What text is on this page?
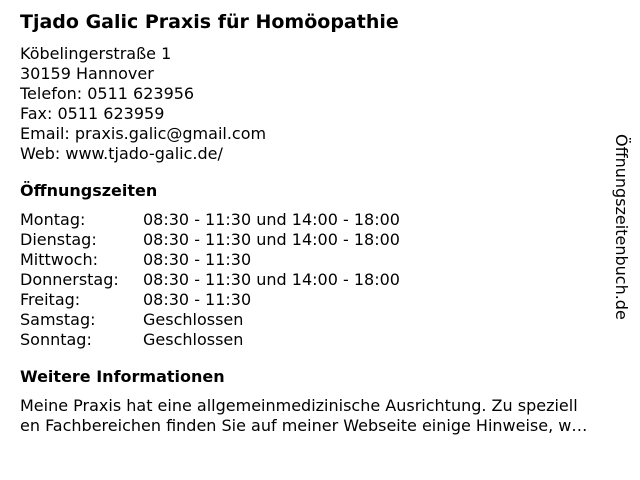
Tjado Galic Praxis für Homöopathie
Köbelingerstraße 1
30159 Hannover
Telefon: 0511 623956
Fax: 0511 623959
Email: praxis.galic@gmail.com
Web: www.tjado-galic.de/
Öffnungszeiten
Montag:	08:30 - 11:30 und 14:00 - 18:00
Dienstag:	08:30 - 11:30 und 14:00 - 18:00
Mittwoch:	08:30 - 11:30
Donnerstag:	08:30 - 11:30 und 14:00 - 18:00
Freitag:	08:30 - 11:30
Samstag:	Geschlossen
Sonntag:	Geschlossen
Weitere Informationen
Meine Praxis hat eine allgemeinmedizinische Ausrichtung. Zu speziell
en Fachbereichen finden Sie auf meiner Webseite einige Hinweise, w…
Öffnungszeitenbuch.de
